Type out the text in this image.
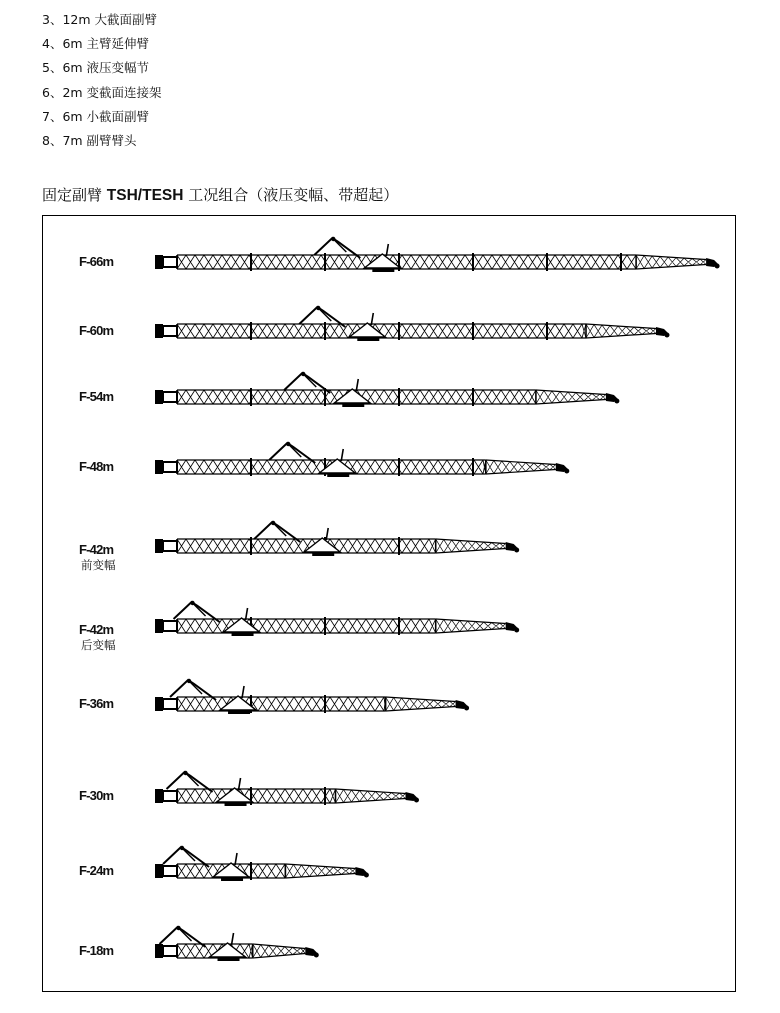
3、12m 大截面副臂
4、6m 主臂延伸臂
5、6m 液压变幅节
6、2m 变截面连接架
7、6m 小截面副臂
8、7m 副臂臂头
固定副臂 TSH/TESH 工况组合（液压变幅、带超起）
F-66m
F-60m
F-54m
F-48m
F-42m
前变幅
F-42m
后变幅
F-36m
F-30m
F-24m
F-18m
